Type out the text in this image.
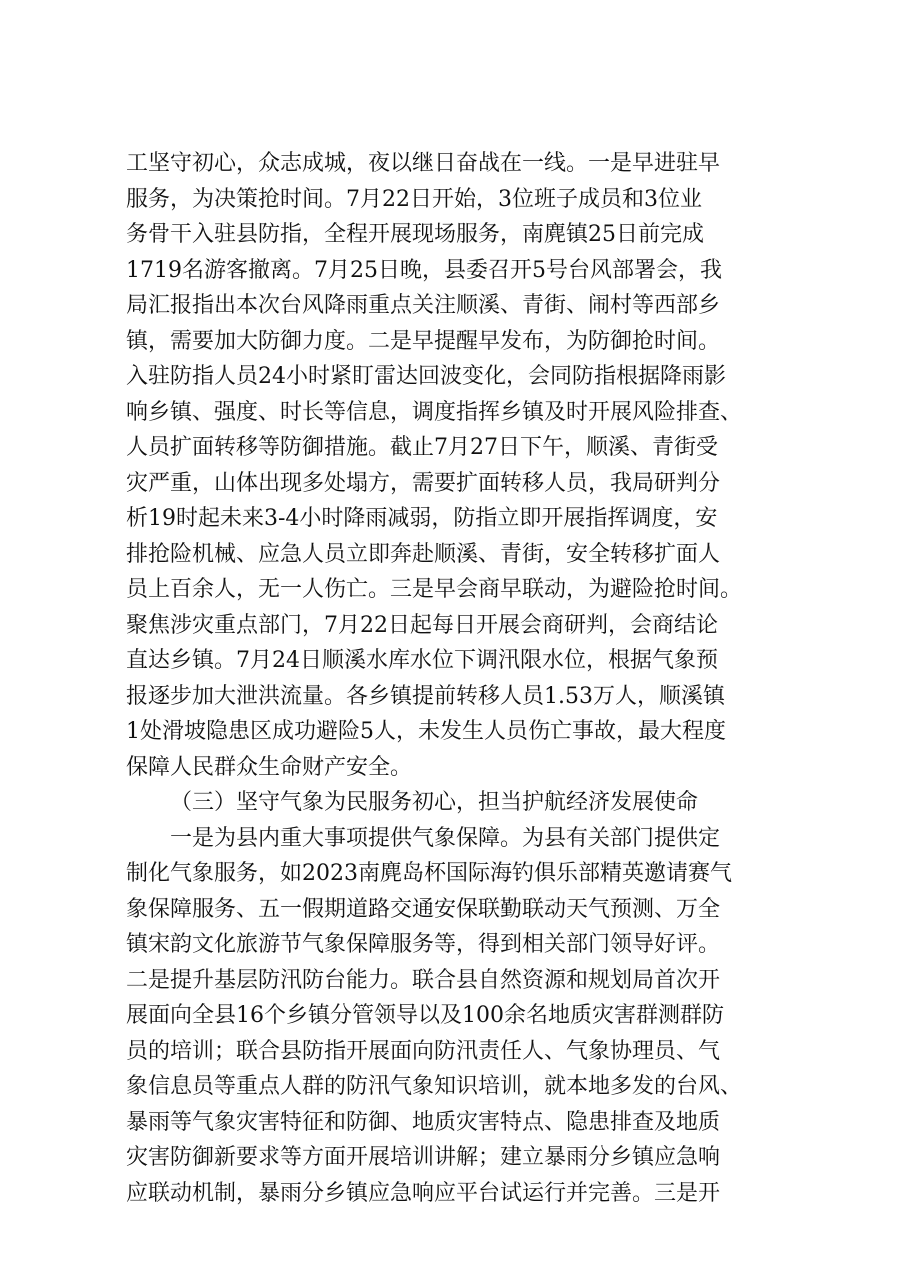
工坚守初心，众志成城，夜以继日奋战在一线。一是早进驻早
服务，为决策抢时间。7月22日开始，3位班子成员和3位业
务骨干入驻县防指，全程开展现场服务，南麂镇25日前完成
1719名游客撤离。7月25日晚，县委召开5号台风部署会，我
局汇报指出本次台风降雨重点关注顺溪、青街、闹村等西部乡
镇，需要加大防御力度。二是早提醒早发布，为防御抢时间。
入驻防指人员24小时紧盯雷达回波变化，会同防指根据降雨影
响乡镇、强度、时长等信息，调度指挥乡镇及时开展风险排查、
人员扩面转移等防御措施。截止7月27日下午，顺溪、青街受
灾严重，山体出现多处塌方，需要扩面转移人员，我局研判分
析19时起未来3-4小时降雨减弱，防指立即开展指挥调度，安
排抢险机械、应急人员立即奔赴顺溪、青街，安全转移扩面人
员上百余人，无一人伤亡。三是早会商早联动，为避险抢时间。
聚焦涉灾重点部门，7月22日起每日开展会商研判，会商结论
直达乡镇。7月24日顺溪水库水位下调汛限水位，根据气象预
报逐步加大泄洪流量。各乡镇提前转移人员1.53万人，顺溪镇
1处滑坡隐患区成功避险5人，未发生人员伤亡事故，最大程度
保障人民群众生命财产安全。
（三）坚守气象为民服务初心，担当护航经济发展使命
一是为县内重大事项提供气象保障。为县有关部门提供定
制化气象服务，如2023南麂岛杯国际海钓俱乐部精英邀请赛气
象保障服务、五一假期道路交通安保联勤联动天气预测、万全
镇宋韵文化旅游节气象保障服务等，得到相关部门领导好评。
二是提升基层防汛防台能力。联合县自然资源和规划局首次开
展面向全县16个乡镇分管领导以及100余名地质灾害群测群防
员的培训；联合县防指开展面向防汛责任人、气象协理员、气
象信息员等重点人群的防汛气象知识培训，就本地多发的台风、
暴雨等气象灾害特征和防御、地质灾害特点、隐患排查及地质
灾害防御新要求等方面开展培训讲解；建立暴雨分乡镇应急响
应联动机制，暴雨分乡镇应急响应平台试运行并完善。三是开
